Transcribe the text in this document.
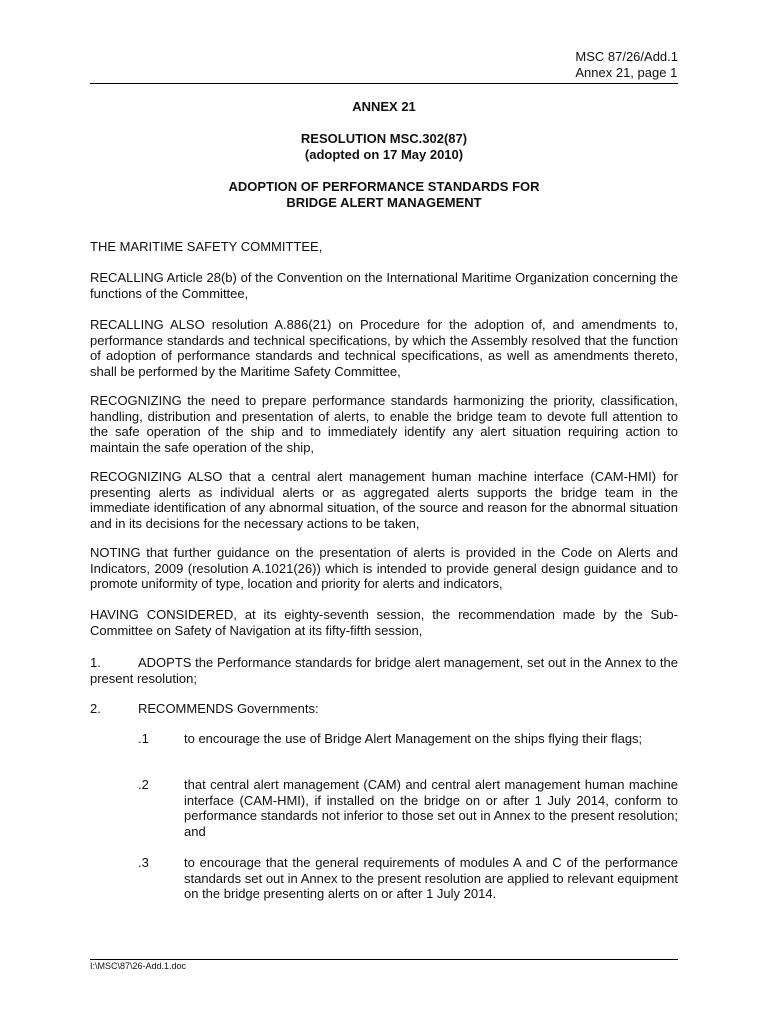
MSC 87/26/Add.1
Annex 21, page 1
ANNEX 21
RESOLUTION MSC.302(87)
(adopted on 17 May 2010)
ADOPTION OF PERFORMANCE STANDARDS FOR
BRIDGE ALERT MANAGEMENT
THE MARITIME SAFETY COMMITTEE,
RECALLING Article 28(b) of the Convention on the International Maritime Organization concerning the functions of the Committee,
RECALLING ALSO resolution A.886(21) on Procedure for the adoption of, and amendments to, performance standards and technical specifications, by which the Assembly resolved that the function of adoption of performance standards and technical specifications, as well as amendments thereto, shall be performed by the Maritime Safety Committee,
RECOGNIZING the need to prepare performance standards harmonizing the priority, classification, handling, distribution and presentation of alerts, to enable the bridge team to devote full attention to the safe operation of the ship and to immediately identify any alert situation requiring action to maintain the safe operation of the ship,
RECOGNIZING ALSO that a central alert management human machine interface (CAM-HMI) for presenting alerts as individual alerts or as aggregated alerts supports the bridge team in the immediate identification of any abnormal situation, of the source and reason for the abnormal situation and in its decisions for the necessary actions to be taken,
NOTING that further guidance on the presentation of alerts is provided in the Code on Alerts and Indicators, 2009 (resolution A.1021(26)) which is intended to provide general design guidance and to promote uniformity of type, location and priority for alerts and indicators,
HAVING CONSIDERED, at its eighty-seventh session, the recommendation made by the Sub-Committee on Safety of Navigation at its fifty-fifth session,
1.	ADOPTS the Performance standards for bridge alert management, set out in the Annex to the present resolution;
2.	RECOMMENDS Governments:
.1	to encourage the use of Bridge Alert Management on the ships flying their flags;
.2	that central alert management (CAM) and central alert management human machine interface (CAM-HMI), if installed on the bridge on or after 1 July 2014, conform to performance standards not inferior to those set out in Annex to the present resolution; and
.3	to encourage that the general requirements of modules A and C of the performance standards set out in Annex to the present resolution are applied to relevant equipment on the bridge presenting alerts on or after 1 July 2014.
I:\MSC\87\26-Add.1.doc
